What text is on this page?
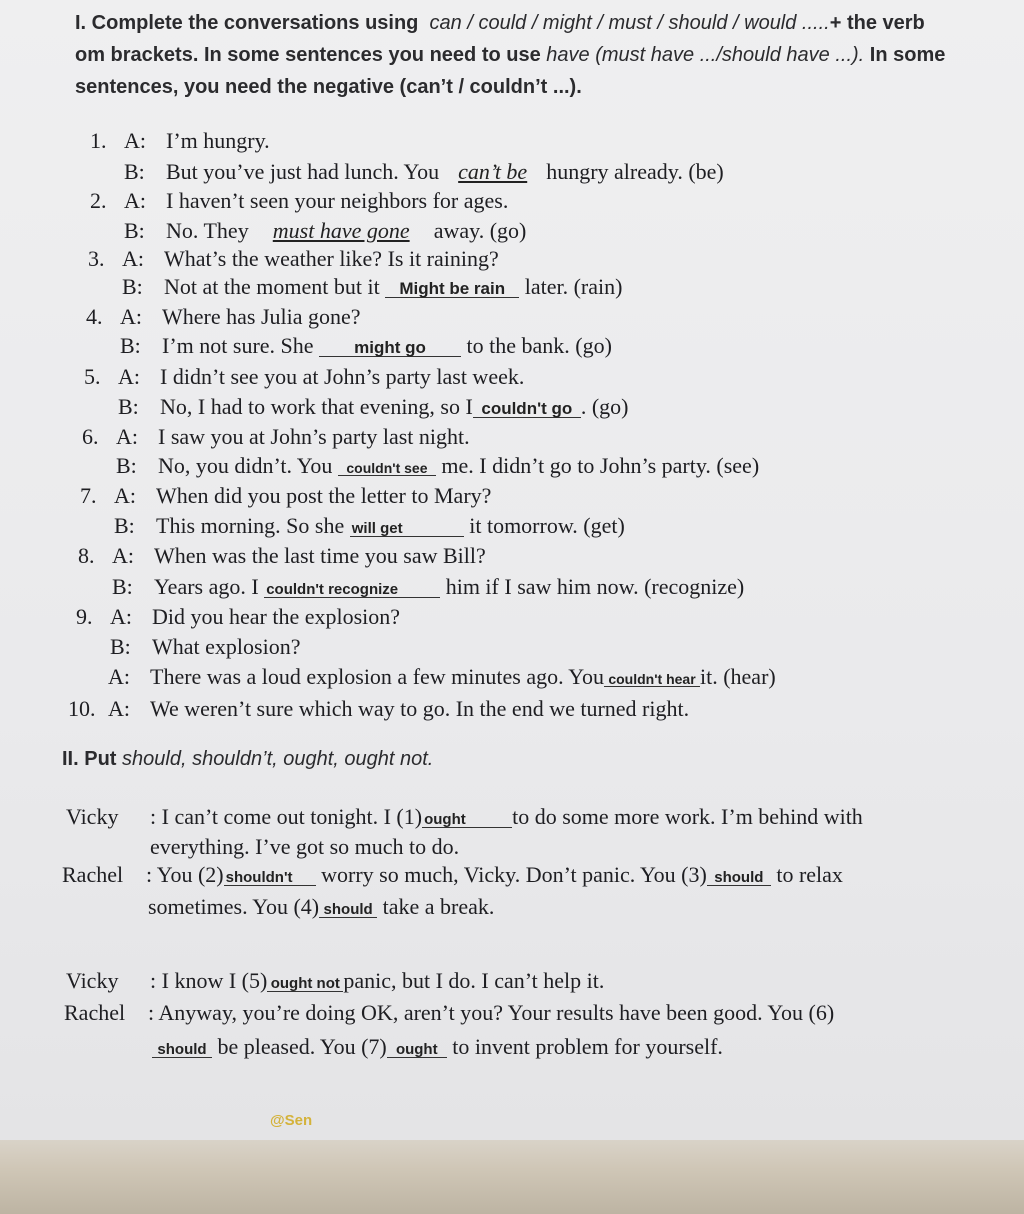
I. Complete the conversations using can / could / might / must / should / would .....+ the verb

om brackets. In some sentences you need to use have (must have .../should have ...). In some

sentences, you need the negative (can’t / couldn’t ...).

1. A: I’m hungry.

B: But you’ve just had lunch. You can’t be hungry already. (be)

2. A: I haven’t seen your neighbors for ages.

B: No. They must have gone away. (go)

3. A: What’s the weather like? Is it raining?

B: Not at the moment but it Might be rain later. (rain)

4. A: Where has Julia gone?

B: I’m not sure. She might go to the bank. (go)

5. A: I didn’t see you at John’s party last week.

B: No, I had to work that evening, so I couldn't go . (go)

6. A: I saw you at John’s party last night.

B: No, you didn’t. You couldn't see me. I didn’t go to John’s party. (see)

7. A: When did you post the letter to Mary?

B: This morning. So she will get	it tomorrow. (get)

8. A: When was the last time you saw Bill?

B: Years ago. I couldn't recognize him if I saw him now. (recognize)

9. A: Did you hear the explosion?

B: What explosion?

A: There was a loud explosion a few minutes ago. You couldn't hear it. (hear)

10. A: We weren’t sure which way to go. In the end we turned right.

II. Put should, shouldn’t, ought, ought not.

Vicky : I can’t come out tonight. I (1) ought to do some more work. I’m behind with

everything. I’ve got so much to do.

Rachel : You (2) shouldn't worry so much, Vicky. Don’t panic. You (3) should to relax

sometimes. You (4) should take a break.

Vicky : I know I (5) ought not panic, but I do. I can’t help it.

Rachel : Anyway, you’re doing OK, aren’t you? Your results have been good. You (6)

should be pleased. You (7) ought to invent problem for yourself.

@Sen
